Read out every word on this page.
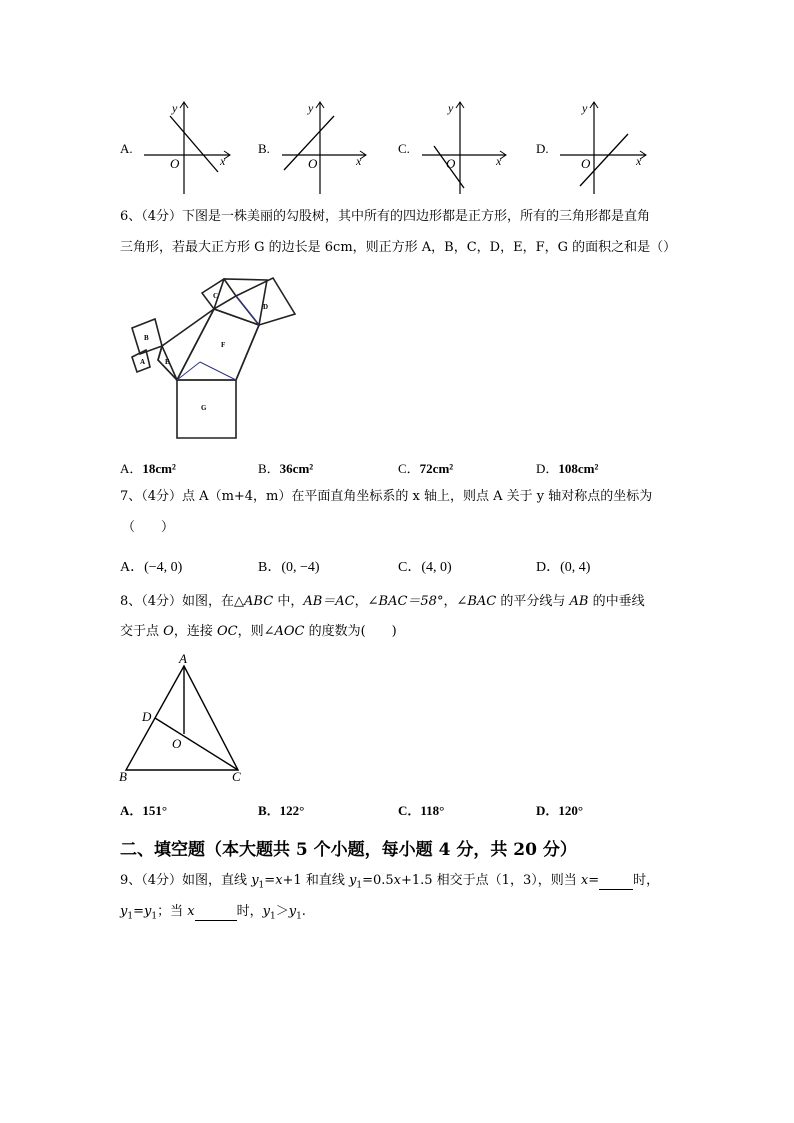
A.
y
x
O
B.
y
x
O
C.
y
x
O
D.
y
x
O
6、（4分）下图是一株美丽的勾股树，其中所有的四边形都是正方形，所有的三角形都是直角
三角形，若最大正方形 G 的边长是 6cm，则正方形 A，B，C，D，E，F，G 的面积之和是（）
A
B
C
D
E
F
G
A．18cm²	B．36cm²	C．72cm²	D．108cm²
7、（4分）点 A（m+4，m）在平面直角坐标系的 x 轴上，则点 A 关于 y 轴对称点的坐标为
（　　）
A．(−4, 0)	B．(0, −4)	C．(4, 0)	D．(0, 4)
8、（4分）如图，在△ABC 中，AB＝AC，∠BAC＝58°，∠BAC 的平分线与 AB 的中垂线
交于点 O，连接 OC，则∠AOC 的度数为(　　)
A
B	C
D
O
A．151°	B．122°	C．118°	D．120°
二、填空题（本大题共 5 个小题，每小题 4 分，共 20 分）
9、（4分）如图，直线 $y_1=x+1$ 和直线 $y_1=0.5x+1.5$ 相交于点（1，3），则当 x=	时，
$y_1=y_1$；当 x	时，$y_1>y_1$.
